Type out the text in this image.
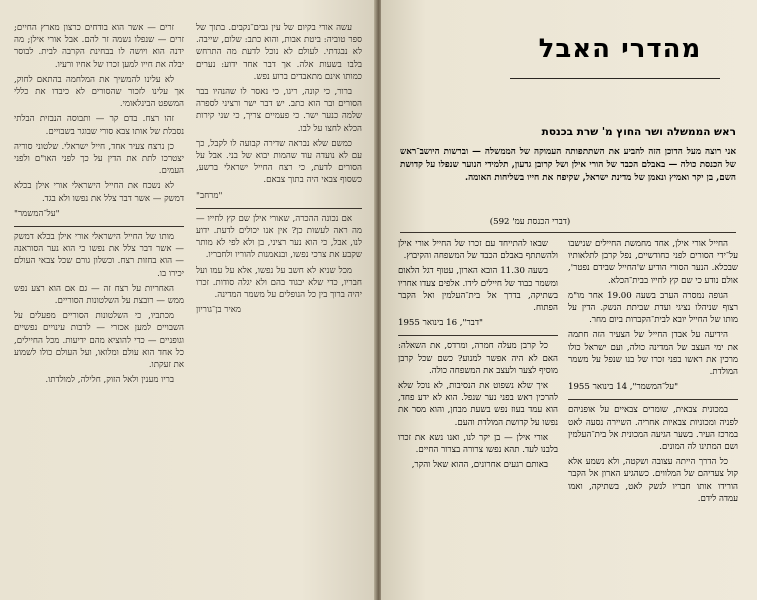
עשה אורי בקיום של עין גבים־נקבים. בתוך של ספר טוביה: ביטת אבות, והוא כתב: שלום, שייבה. לא נבגדתי. לעולם לא נוכל לדעת מה התרחש בלבו בשעות אלה. אך דבר אחד ידוע: נערים כמותו אינם מתאבדים ברוע נפש.

ברור, כי קונה, ריגו, כי נאסר לו שהנהיו בבר הסורים ובר הוא כתב. יש דבר ישר ורציני לספרה שלמה כנער ישר. כי פעמיים צריך, כי שני קירות הכלא לחצו על לבו.

כמשם שלא נבראה שדירה קבועה לו לקבל, כך עם לא נועדה עוד שהמות יבוא של בני. אבל על הסורים לדעת, כי רצח החייל ישראלי ברשע, כשסוף צבאי היה בתוך צבאם.

"מרחב"

אם נכונה ההכרה, שאורי אילן שם קץ לחייו — מה ראה לעשות כן? אין אנו יכולים לדעת. ידוע לנו, אבל, כי הוא נער רציני, בן ולא לפי לא מותר שקבע את צרכי נפשו, ובנאמנות להוריו ולחבריו.

מכל שניא לא חשב על נפשו, אלא על עמו ועל חבריו, כדי שלא יבגוד בהם ולא יגלה סודות. זכרו יהיה ברוך בין כל הנופלים על משמר המדינה.

מאיר בן־גוריון

זרים — אשר הוא בודחים כרצון מארץ החיים; זרים — שנפלו נשמה זר להם. אבל אורי אילן; מה ידנה הוא ויושה לו בבחינת הקרבה לבית. לבוסר יבלה את חייו למען זכרו של אחיו ורעיו.

לא עלינו להמשיך את המלחמה בהתאם לחוק, אך עלינו לזכור שהסורים לא כיבדו את כללי המשפט הבינלאומי.

זהו רצח. בדם קר — ותבוסה הנבזית הבלתי נסבלת של אותו צבא סורי שבוגר בשבויים.

כן נרצח צעיר אחד, חייל ישראלי. שלטוני סוריה יצטרכו לתת את הדין על כך לפני האו"ם ולפני העמים.

לא נשכח את החייל הישראלי אורי אילן בכלא דמשק — אשר דבר צלל את נפשו ולא בגד.

"על־המשמר"

מותו של החייל הישראלי אורי אילן בכלא דמשק — אשר דבר צלל את נפשו כי הוא נער הסוראנה — הוא בחזות רצח. וכשלון גורם שכל צבאי העולם יכירו בו.

האחריות על רצח זה — גם אם הוא רצע נפש ממש — רובצת על השלטונות הסוריים.

מכתביו, כי השלטונות הסוריים מפעלים על השבויים למען אכזרי — לרבות עינויים נפשיים וגופניים — כדי להוציא מהם ידיעות. מכל החיילים, כל אחד הוא עולם ומלואו, ועל העולם כולו לשמוע את זעקתו.

בריו מענין ולאל הזוק, חלילה, למולדתו.

מהדרי האבל
ראש הממשלה ושר החוץ מ' שרת בכנסת
אני רוצה מעל הדוכן הזה להביע את השתתפותה העמוקה של הממשלה — וברשות היושב־ראש של הכנסת כולה — באבלם הכבד של הורי אילן ושל קרובן גדעון, תלמידי הנוער שנפלו על קדושת השם, בן יקר ואמיץ ונאמן של מדינת ישראל, שקיפח את חייו בשליחות האומה.
(דברי הכנסת עמ' 592)

החייל אורי אילן, אחד מחמשת החיילים שנישבו על־ידי הסורים לפני כחודשיים, נפל קרבן לתלאותיו שבכלא. הנער הסורי הודיע ש'החייל שבידם נפטר', אולם נודע כי שם קץ לחייו בבית־הכלא.

הגופה נמסרה הערב בשעה 19.00 אחר מו"מ רצוף שניהלו נציגי ועדת שביתת הנשק. הדין על מותו של החייל יובא לבית־הקברות ביום מחר.

הידיעה על אבדן החייל של הצעיר הזה חתמה את ימי העצב של המדינה כולה, ועם ישראל כולו מרכין את ראשו בפני זכרו של בנו שנפל על משמר המולדת.

"על־המשמר", 14 בינואר 1955

במכונית צבאית, שומרים צבאיים על אופניהם לפניה ומכוניות צבאיות אחריה. השיירה נסעה לאט במרכז העיר. בשער הגיעה המכונית אל בית־העלמין ושם המתינו לה המונים.

כל הדרך הייתה עצובה ושקטה, ולא נשמע אלא קול צעדיהם של המלווים. כשהגיע הארון אל הקבר הורידו אותו חבריו לנשק לאט, בשתיקה, ואמו עמדה לידם.

שבאו להתייחד עם זכרו של החייל אורי אילן ולהשתתף באבלם הכבד של המשפחה והקיבוץ.

בשעה 11.30 הובא הארון, עטוף דגל הלאום ומשמר כבוד של חיילים לידו. אלפים צעדו אחריו בשתיקה, בדרך אל בית־העלמין ואל הקבר הפתוח.

"דבר", 16 בינואר 1955

כל קרבן מעלה חמרה, ומרדס, את השאלה: האם לא היה אפשר למנוע? כשם שכל קרבן מוסיף לצער ולעצב את המשפחה כולה.

איך שלא נשפוט את הנסיבות, לא נוכל שלא להרכין ראש בפני נער שנפל. הוא לא ידע פחד, הוא עמד בעוז נפש בשעת מבחן, והוא מסר את נפשו על קדושת המולדת והעם.

אורי אילן — בן יקר לנו, ואנו נשא את זכרו בלבנו לעד. תהא נפשו צרורה בצרור החיים.

באותם רגעים אחרונים, ההוא שאל והקר,
